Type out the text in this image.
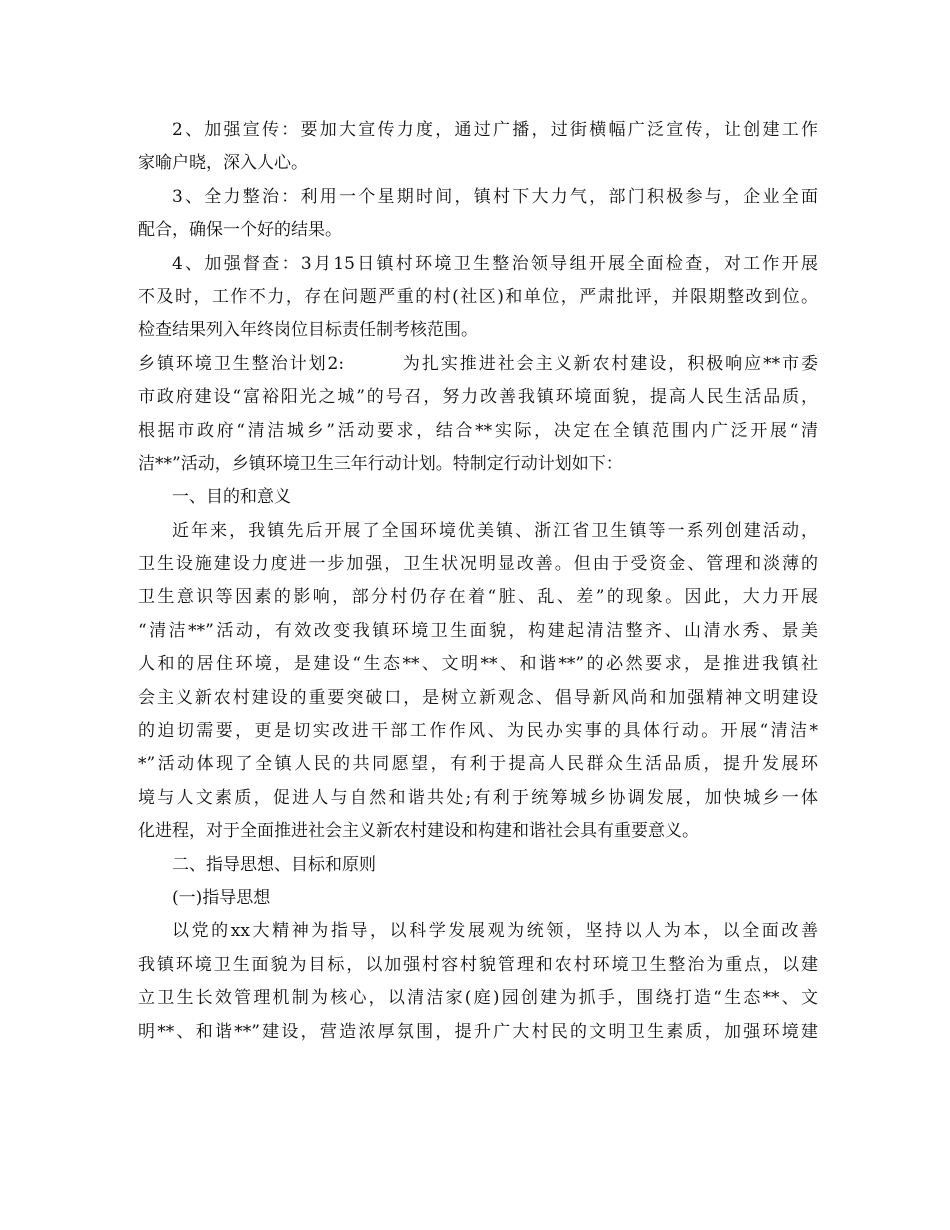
2、加强宣传：要加大宣传力度，通过广播，过街横幅广泛宣传，让创建工作
家喻户晓，深入人心。
3、全力整治：利用一个星期时间，镇村下大力气，部门积极参与，企业全面
配合，确保一个好的结果。
4、加强督查：3月15日镇村环境卫生整治领导组开展全面检查，对工作开展
不及时，工作不力，存在问题严重的村(社区)和单位，严肃批评，并限期整改到位。
检查结果列入年终岗位目标责任制考核范围。
乡镇环境卫生整治计划2:　　　为扎实推进社会主义新农村建设，积极响应**市委
市政府建设“富裕阳光之城”的号召，努力改善我镇环境面貌，提高人民生活品质，
根据市政府“清洁城乡”活动要求，结合**实际，决定在全镇范围内广泛开展“清
洁**”活动，乡镇环境卫生三年行动计划。特制定行动计划如下：
一、目的和意义
近年来，我镇先后开展了全国环境优美镇、浙江省卫生镇等一系列创建活动，
卫生设施建设力度进一步加强，卫生状况明显改善。但由于受资金、管理和淡薄的
卫生意识等因素的影响，部分村仍存在着“脏、乱、差”的现象。因此，大力开展
“清洁**”活动，有效改变我镇环境卫生面貌，构建起清洁整齐、山清水秀、景美
人和的居住环境，是建设“生态**、文明**、和谐**”的必然要求，是推进我镇社
会主义新农村建设的重要突破口，是树立新观念、倡导新风尚和加强精神文明建设
的迫切需要，更是切实改进干部工作作风、为民办实事的具体行动。开展“清洁*
*”活动体现了全镇人民的共同愿望，有利于提高人民群众生活品质，提升发展环
境与人文素质，促进人与自然和谐共处;有利于统筹城乡协调发展，加快城乡一体
化进程，对于全面推进社会主义新农村建设和构建和谐社会具有重要意义。
二、指导思想、目标和原则
(一)指导思想
以党的xx大精神为指导，以科学发展观为统领，坚持以人为本，以全面改善
我镇环境卫生面貌为目标，以加强村容村貌管理和农村环境卫生整治为重点，以建
立卫生长效管理机制为核心，以清洁家(庭)园创建为抓手，围绕打造“生态**、文
明**、和谐**”建设，营造浓厚氛围，提升广大村民的文明卫生素质，加强环境建
